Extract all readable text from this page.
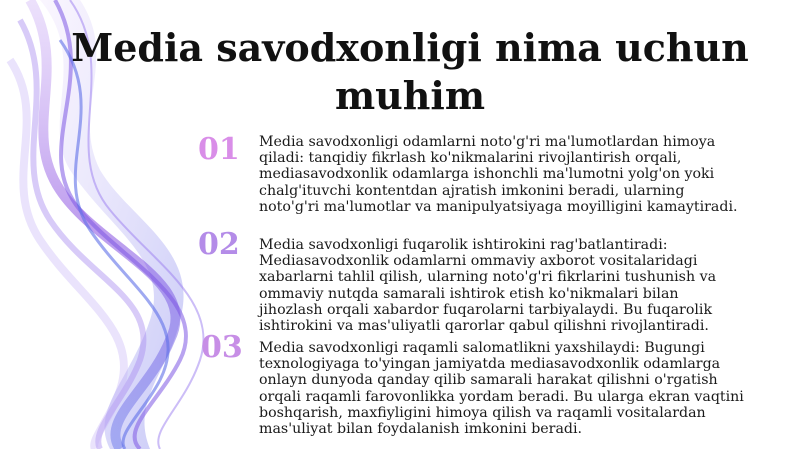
Media savodxonligi nima uchun muhim
01	Media savodxonligi odamlarni noto'g'ri ma'lumotlardan himoya qiladi: tanqidiy fikrlash ko'nikmalarini rivojlantirish orqali, mediasavodxonlik odamlarga ishonchli ma'lumotni yolg'on yoki chalg'ituvchi kontentdan ajratish imkonini beradi, ularning noto'g'ri ma'lumotlar va manipulyatsiyaga moyilligini kamaytiradi.

02	Media savodxonligi fuqarolik ishtirokini rag'batlantiradi: Mediasavodxonlik odamlarni ommaviy axborot vositalaridagi xabarlarni tahlil qilish, ularning noto'g'ri fikrlarini tushunish va ommaviy nutqda samarali ishtirok etish ko'nikmalari bilan jihozlash orqali xabardor fuqarolarni tarbiyalaydi. Bu fuqarolik ishtirokini va mas'uliyatli qarorlar qabul qilishni rivojlantiradi.

03	Media savodxonligi raqamli salomatlikni yaxshilaydi: Bugungi texnologiyaga to'yingan jamiyatda mediasavodxonlik odamlarga onlayn dunyoda qanday qilib samarali harakat qilishni o'rgatish orqali raqamli farovonlikka yordam beradi. Bu ularga ekran vaqtini boshqarish, maxfiyligini himoya qilish va raqamli vositalardan mas'uliyat bilan foydalanish imkonini beradi.
